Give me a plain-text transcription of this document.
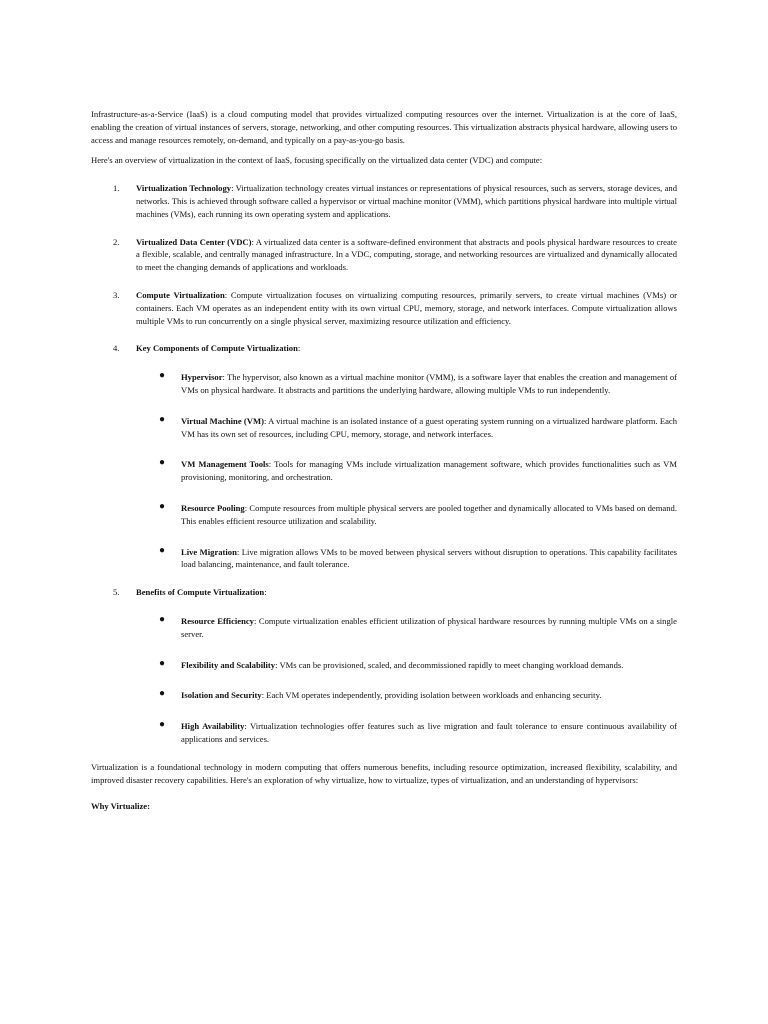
Infrastructure-as-a-Service (IaaS) is a cloud computing model that provides virtualized computing resources over the internet. Virtualization is at the core of IaaS, enabling the creation of virtual instances of servers, storage, networking, and other computing resources. This virtualization abstracts physical hardware, allowing users to access and manage resources remotely, on-demand, and typically on a pay-as-you-go basis.

Here's an overview of virtualization in the context of IaaS, focusing specifically on the virtualized data center (VDC) and compute:

1. Virtualization Technology: Virtualization technology creates virtual instances or representations of physical resources, such as servers, storage devices, and networks. This is achieved through software called a hypervisor or virtual machine monitor (VMM), which partitions physical hardware into multiple virtual machines (VMs), each running its own operating system and applications.
2. Virtualized Data Center (VDC): A virtualized data center is a software-defined environment that abstracts and pools physical hardware resources to create a flexible, scalable, and centrally managed infrastructure. In a VDC, computing, storage, and networking resources are virtualized and dynamically allocated to meet the changing demands of applications and workloads.
3. Compute Virtualization: Compute virtualization focuses on virtualizing computing resources, primarily servers, to create virtual machines (VMs) or containers. Each VM operates as an independent entity with its own virtual CPU, memory, storage, and network interfaces. Compute virtualization allows multiple VMs to run concurrently on a single physical server, maximizing resource utilization and efficiency.
4. Key Components of Compute Virtualization:
● Hypervisor: The hypervisor, also known as a virtual machine monitor (VMM), is a software layer that enables the creation and management of VMs on physical hardware. It abstracts and partitions the underlying hardware, allowing multiple VMs to run independently.
● Virtual Machine (VM): A virtual machine is an isolated instance of a guest operating system running on a virtualized hardware platform. Each VM has its own set of resources, including CPU, memory, storage, and network interfaces.
● VM Management Tools: Tools for managing VMs include virtualization management software, which provides functionalities such as VM provisioning, monitoring, and orchestration.
● Resource Pooling: Compute resources from multiple physical servers are pooled together and dynamically allocated to VMs based on demand. This enables efficient resource utilization and scalability.
● Live Migration: Live migration allows VMs to be moved between physical servers without disruption to operations. This capability facilitates load balancing, maintenance, and fault tolerance.
5. Benefits of Compute Virtualization:
● Resource Efficiency: Compute virtualization enables efficient utilization of physical hardware resources by running multiple VMs on a single server.
● Flexibility and Scalability: VMs can be provisioned, scaled, and decommissioned rapidly to meet changing workload demands.
● Isolation and Security: Each VM operates independently, providing isolation between workloads and enhancing security.
● High Availability: Virtualization technologies offer features such as live migration and fault tolerance to ensure continuous availability of applications and services.

Virtualization is a foundational technology in modern computing that offers numerous benefits, including resource optimization, increased flexibility, scalability, and improved disaster recovery capabilities. Here's an exploration of why virtualize, how to virtualize, types of virtualization, and an understanding of hypervisors:

Why Virtualize:
